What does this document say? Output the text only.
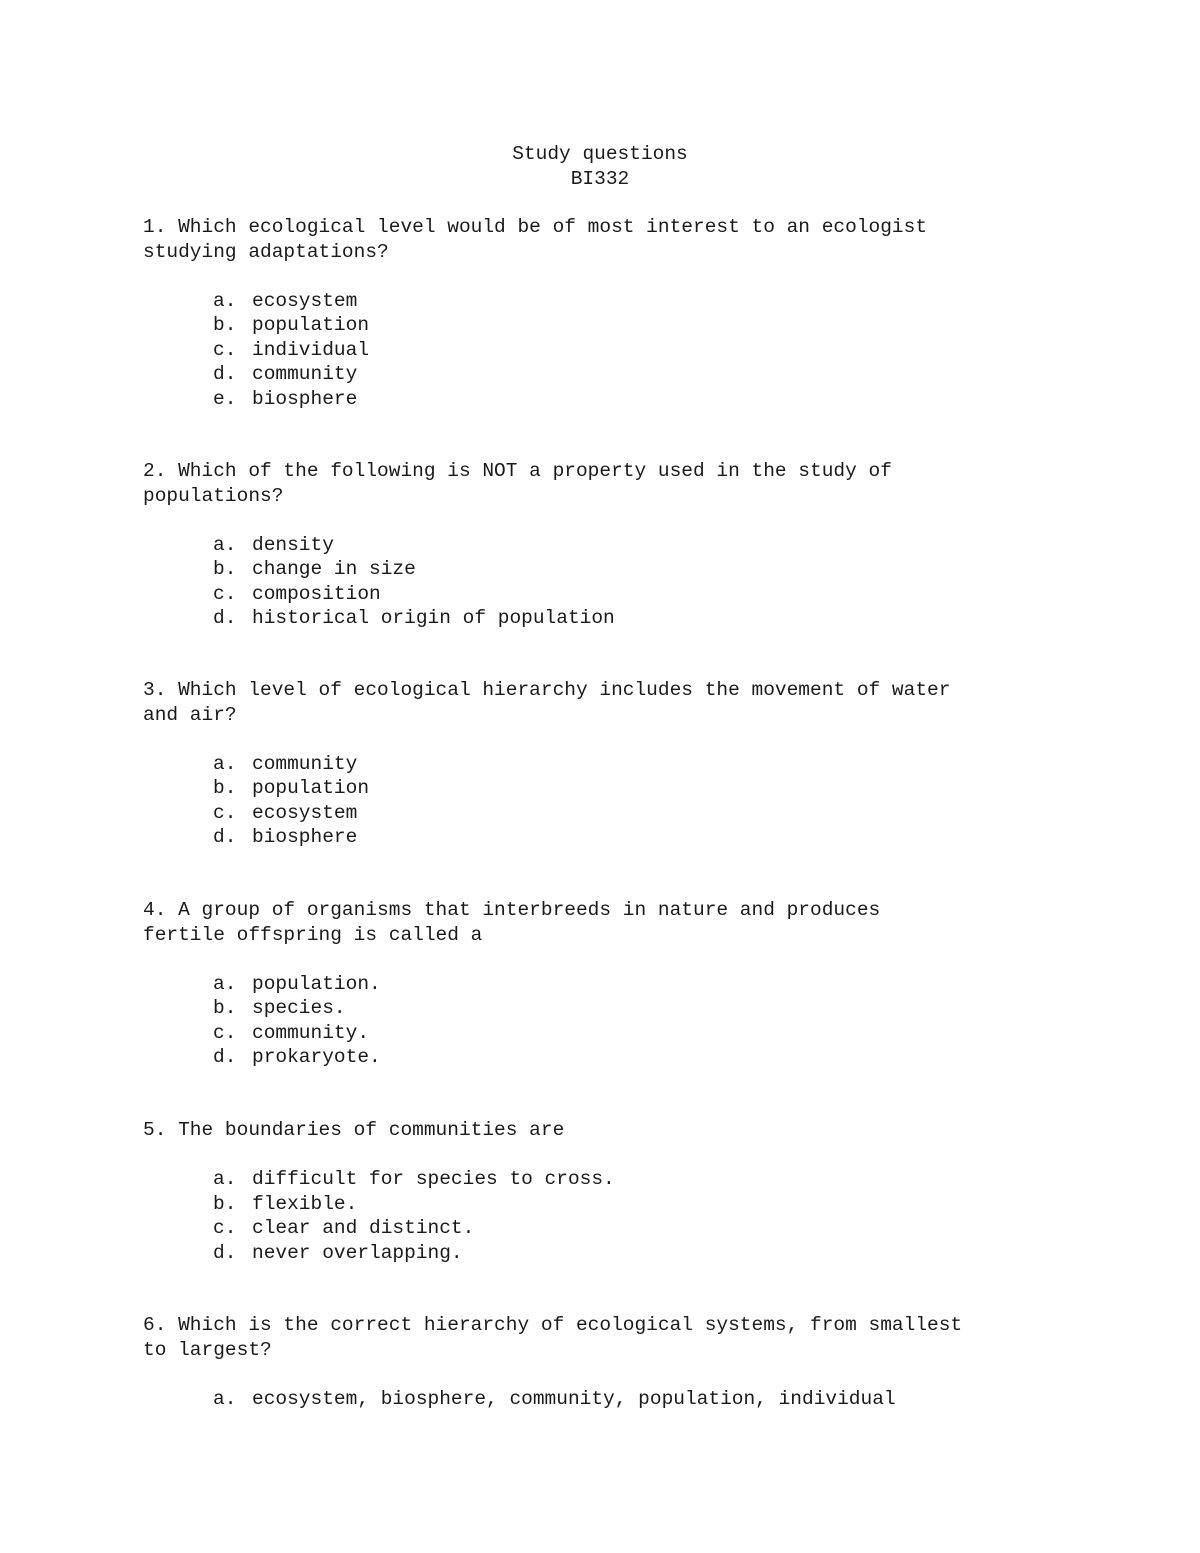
Study questions
BI332

1. Which ecological level would be of most interest to an ecologist
studying adaptations?

a. ecosystem
b. population
c. individual
d. community
e. biosphere

2. Which of the following is NOT a property used in the study of
populations?

a. density
b. change in size
c. composition
d. historical origin of population

3. Which level of ecological hierarchy includes the movement of water
and air?

a. community
b. population
c. ecosystem
d. biosphere

4. A group of organisms that interbreeds in nature and produces
fertile offspring is called a

a. population.
b. species.
c. community.
d. prokaryote.

5. The boundaries of communities are

a. difficult for species to cross.
b. flexible.
c. clear and distinct.
d. never overlapping.

6. Which is the correct hierarchy of ecological systems, from smallest
to largest?

a. ecosystem, biosphere, community, population, individual
